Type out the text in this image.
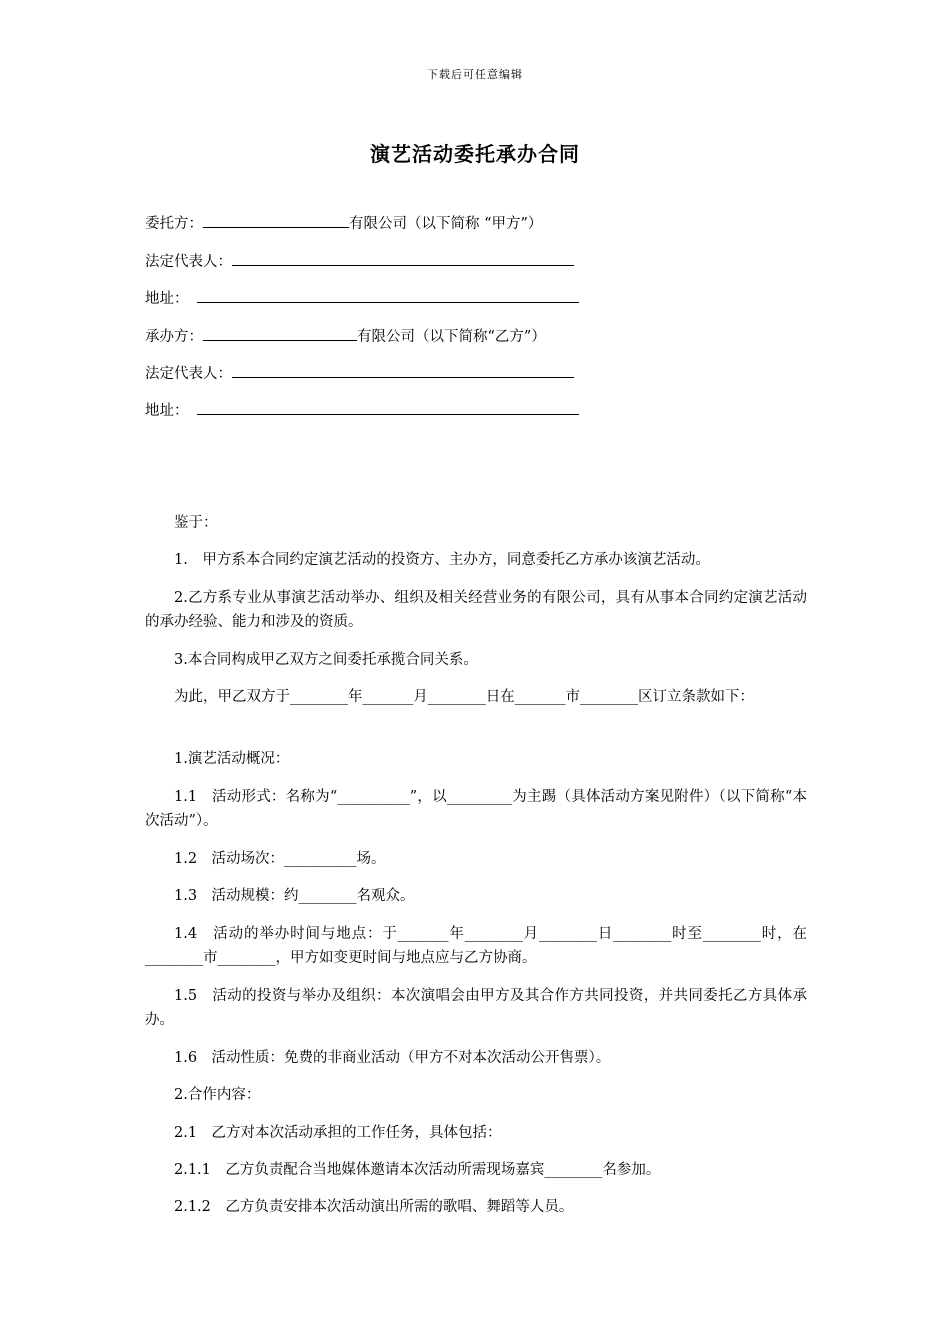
下载后可任意编辑
演艺活动委托承办合同
委托方：	有限公司（以下简称 “甲方”）
法定代表人：
地址：
承办方：	有限公司（以下简称“乙方”）
法定代表人：
地址：
鉴于：
1.　甲方系本合同约定演艺活动的投资方、主办方，同意委托乙方承办该演艺活动。
2.乙方系专业从事演艺活动举办、组织及相关经营业务的有限公司，具有从事本合同约定演艺活动的承办经验、能力和涉及的资质。
3.本合同构成甲乙双方之间委托承揽合同关系。
为此，甲乙双方于________年_______月________日在_______市________区订立条款如下：
1.演艺活动概况：
1.1　活动形式：名称为“__________”，以_________为主踢（具体活动方案见附件）（以下简称“本次活动”）。
1.2　活动场次：__________场。
1.3　活动规模：约________名观众。
1.4　活动的举办时间与地点：于_______年________月________日________时至________时，在________市________，甲方如变更时间与地点应与乙方协商。
1.5　活动的投资与举办及组织：本次演唱会由甲方及其合作方共同投资，并共同委托乙方具体承办。
1.6　活动性质：免费的非商业活动（甲方不对本次活动公开售票）。
2.合作内容：
2.1　乙方对本次活动承担的工作任务，具体包括：
2.1.1　乙方负责配合当地媒体邀请本次活动所需现场嘉宾________名参加。
2.1.2　乙方负责安排本次活动演出所需的歌唱、舞蹈等人员。
